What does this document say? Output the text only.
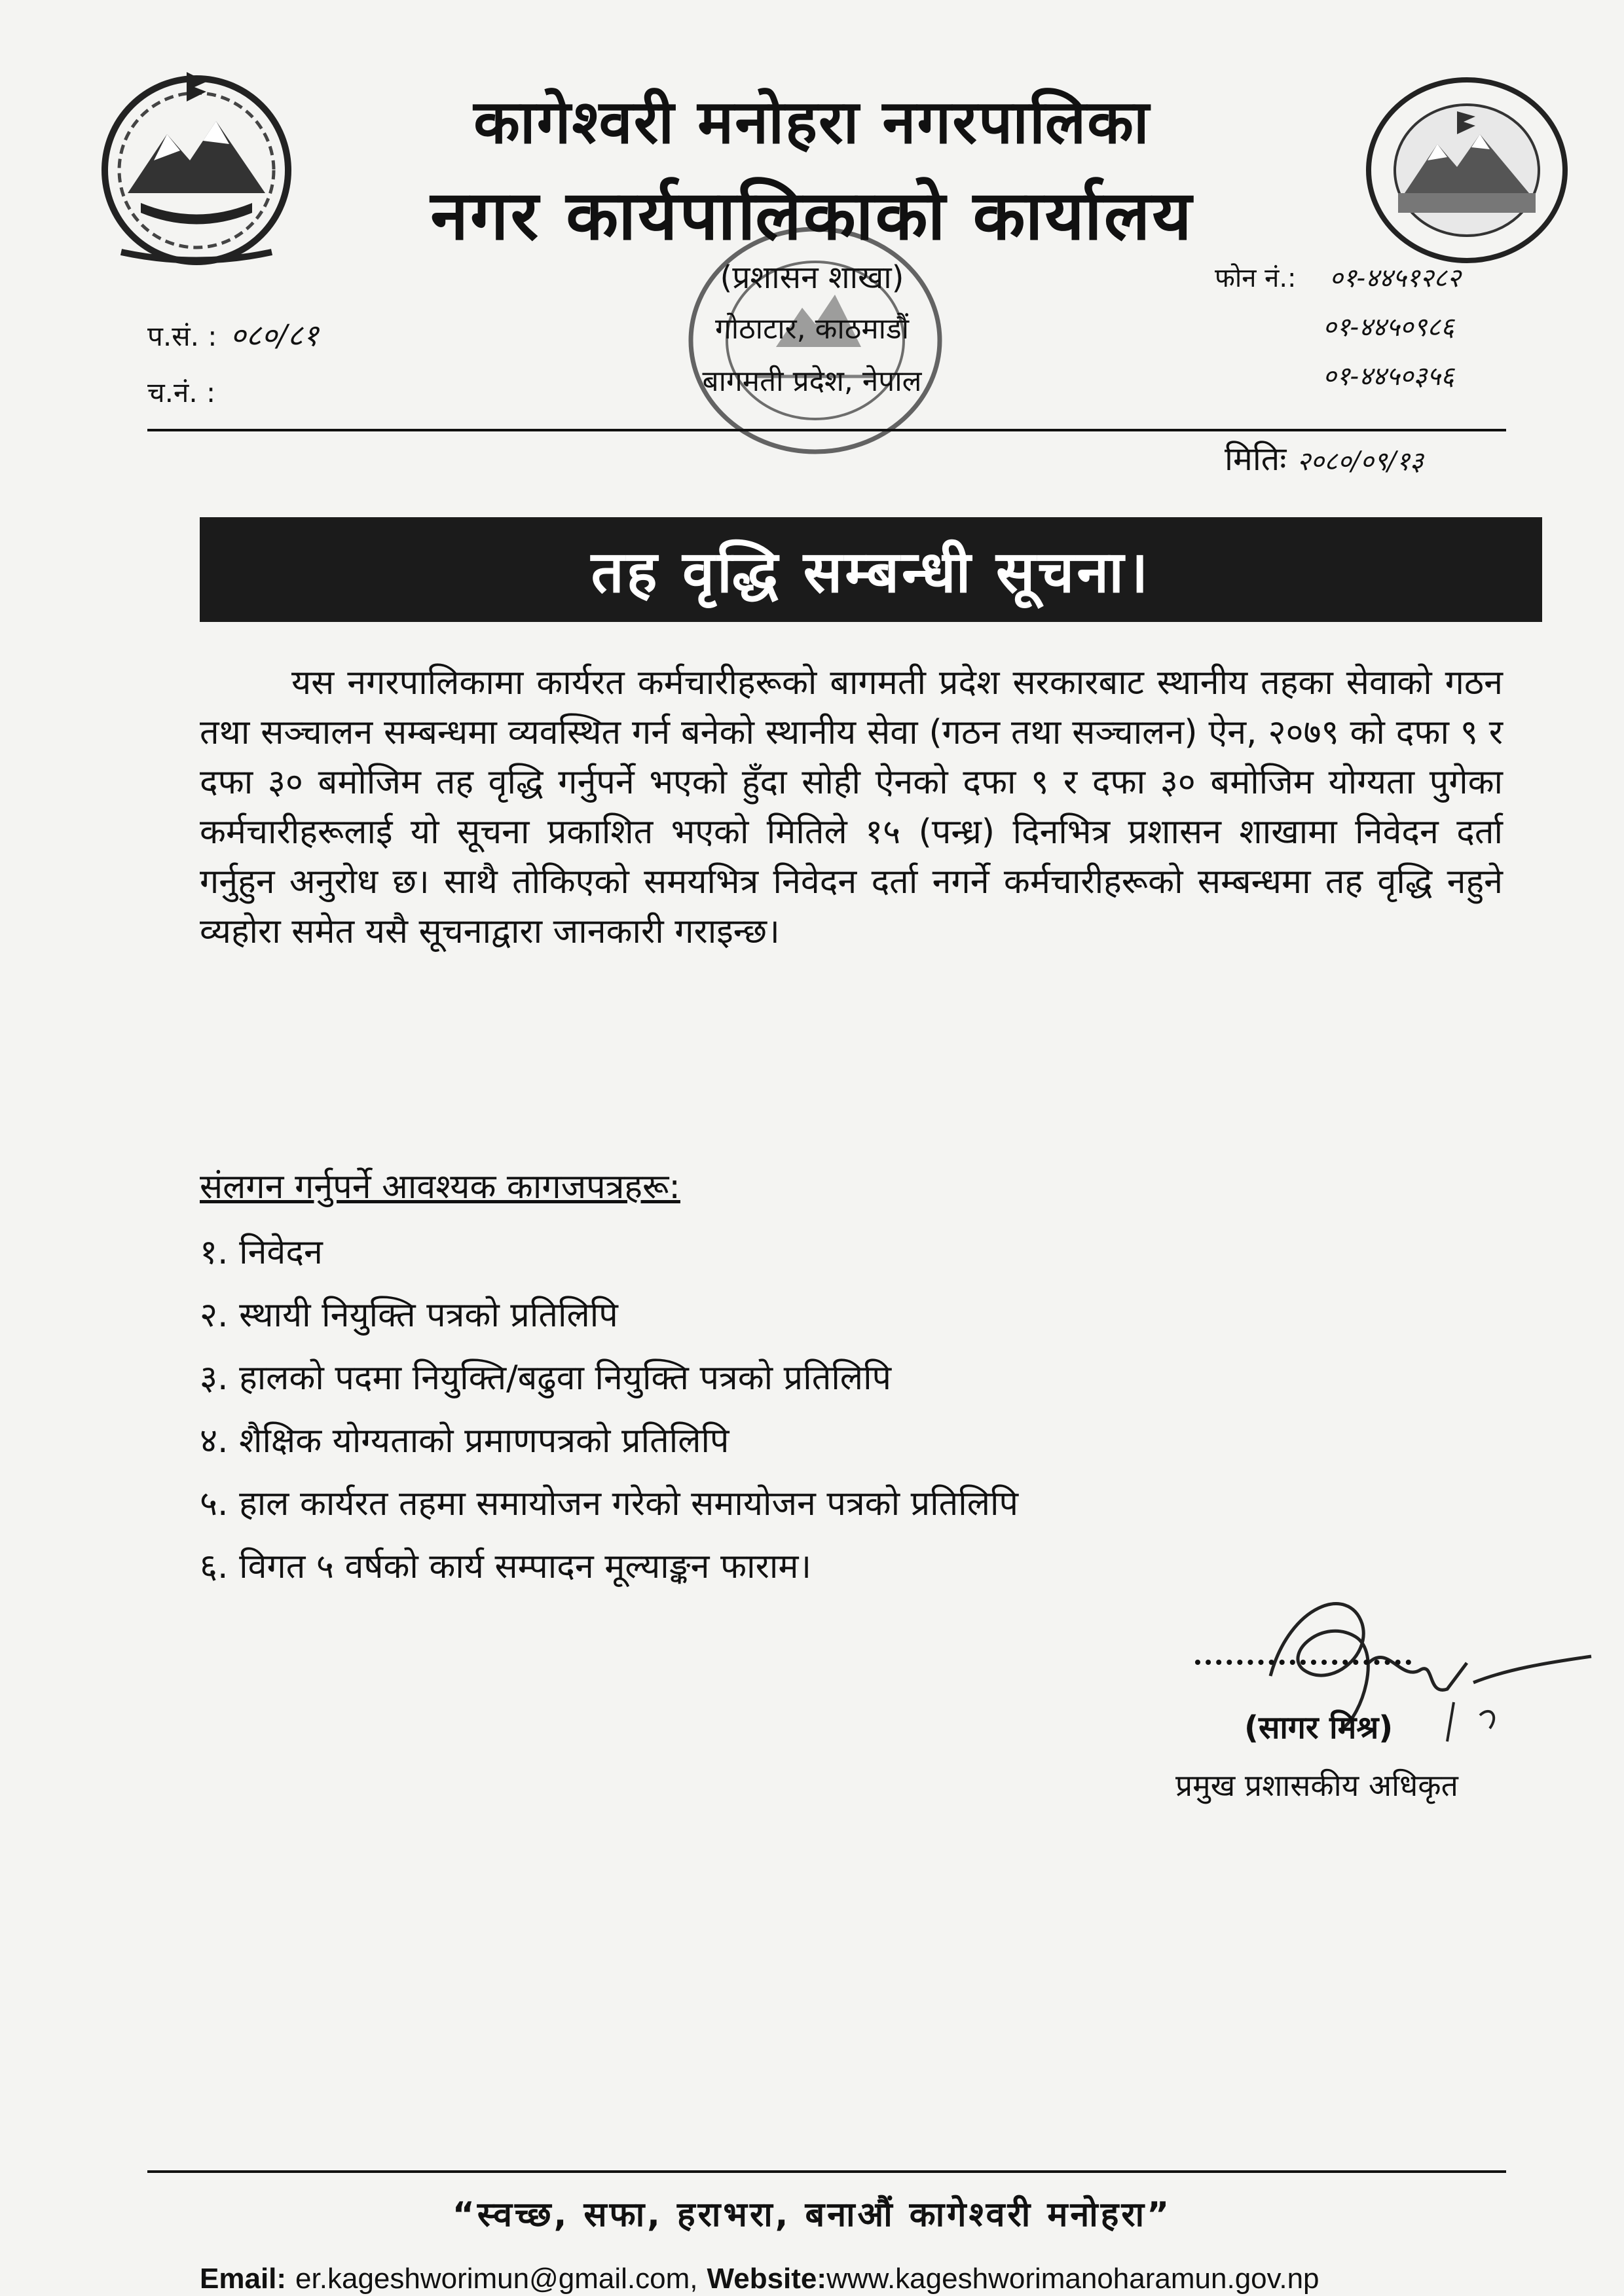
कागेश्वरी मनोहरा नगरपालिका
नगर कार्यपालिकाको कार्यालय
(प्रशासन शाखा)
गोठाटार, काठमाडौं
बागमती प्रदेश, नेपाल
प.सं. : ०८०/८१
च.नं. :
फोन नं.: ०१-४४५१२८२
०१-४४५०९८६
०१-४४५०३५६
मितिः २०८०/०९/१३
तह वृद्धि सम्बन्धी सूचना।
यस नगरपालिकामा कार्यरत कर्मचारीहरूको बागमती प्रदेश सरकारबाट स्थानीय तहका सेवाको गठन तथा सञ्चालन सम्बन्धमा व्यवस्थित गर्न बनेको स्थानीय सेवा (गठन तथा सञ्चालन) ऐन, २०७९ को दफा ९ र दफा ३० बमोजिम तह वृद्धि गर्नुपर्ने भएको हुँदा सोही ऐनको दफा ९ र दफा ३० बमोजिम योग्यता पुगेका कर्मचारीहरूलाई यो सूचना प्रकाशित भएको मितिले १५ (पन्ध्र) दिनभित्र प्रशासन शाखामा निवेदन दर्ता गर्नुहुन अनुरोध छ। साथै तोकिएको समयभित्र निवेदन दर्ता नगर्ने कर्मचारीहरूको सम्बन्धमा तह वृद्धि नहुने व्यहोरा समेत यसै सूचनाद्वारा जानकारी गराइन्छ।
संलगन गर्नुपर्ने आवश्यक कागजपत्रहरू:
१. निवेदन
२. स्थायी नियुक्ति पत्रको प्रतिलिपि
३. हालको पदमा नियुक्ति/बढुवा नियुक्ति पत्रको प्रतिलिपि
४. शैक्षिक योग्यताको प्रमाणपत्रको प्रतिलिपि
५. हाल कार्यरत तहमा समायोजन गरेको समायोजन पत्रको प्रतिलिपि
६. विगत ५ वर्षको कार्य सम्पादन मूल्याङ्कन फाराम।
(सागर मिश्र)
प्रमुख प्रशासकीय अधिकृत
“स्वच्छ, सफा, हराभरा, बनाऔं कागेश्वरी मनोहरा”
Email: er.kageshworimun@gmail.com, Website:www.kageshworimanoharamun.gov.np
